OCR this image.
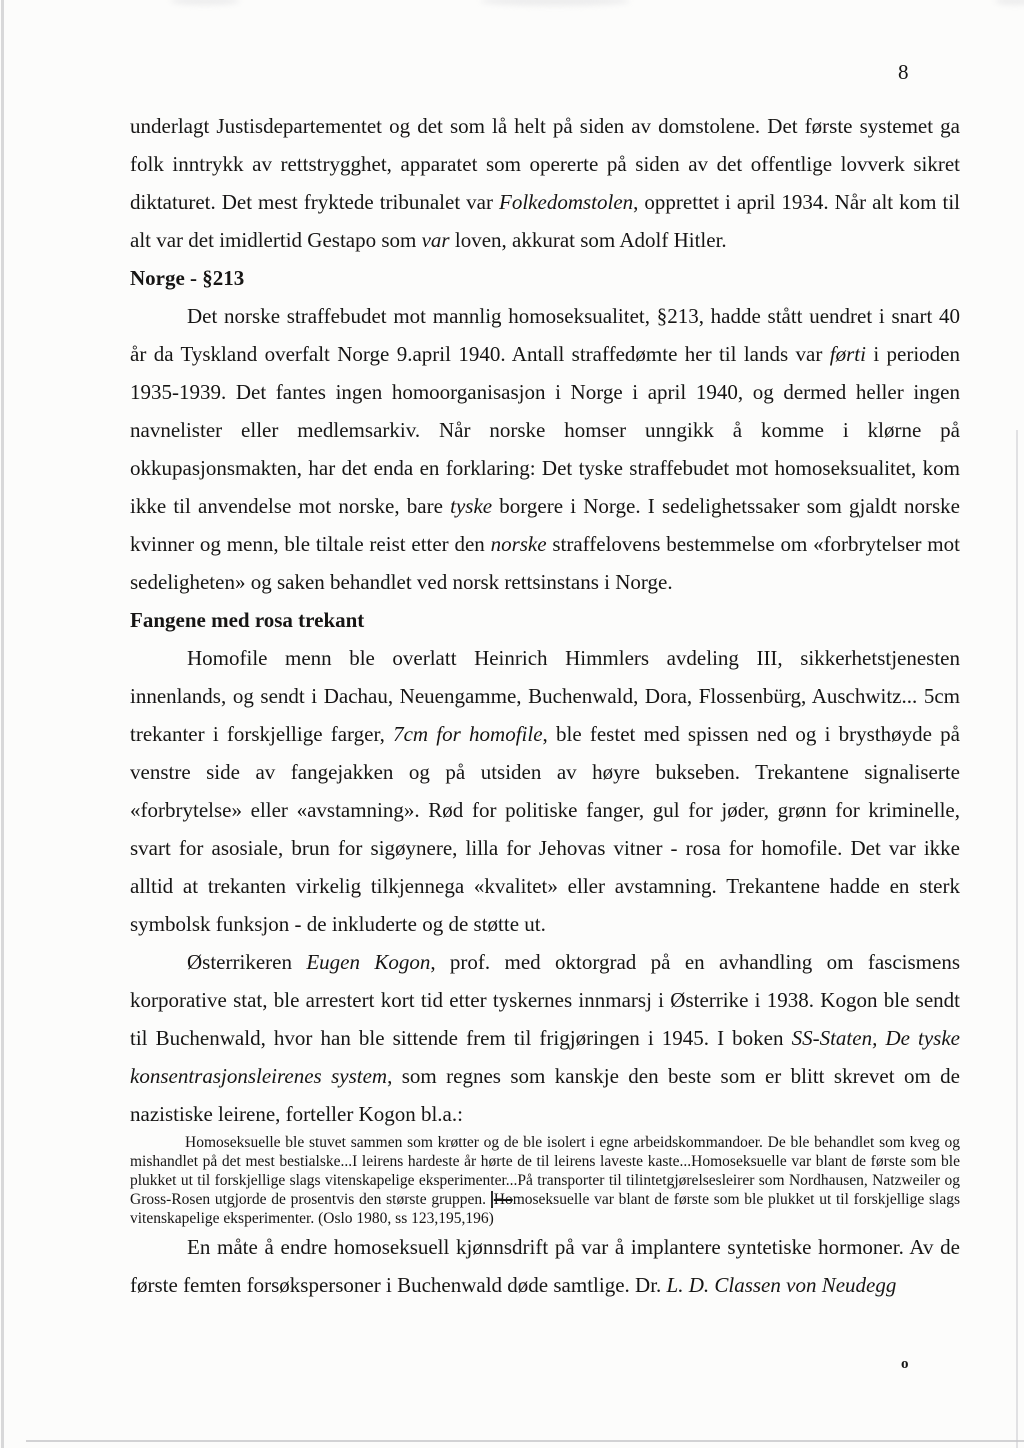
8

underlagt Justisdepartementet og det som lå helt på siden av domstolene. Det første systemet ga folk inntrykk av rettstrygghet, apparatet som opererte på siden av det offentlige lovverk sikret diktaturet. Det mest fryktede tribunalet var Folkedomstolen, opprettet i april 1934. Når alt kom til alt var det imidlertid Gestapo som var loven, akkurat som Adolf Hitler.

Norge - §213

Det norske straffebudet mot mannlig homoseksualitet, §213, hadde stått uendret i snart 40 år da Tyskland overfalt Norge 9.april 1940. Antall straffedømte her til lands var førti i perioden 1935-1939. Det fantes ingen homoorganisasjon i Norge i april 1940, og dermed heller ingen navnelister eller medlemsarkiv. Når norske homser unngikk å komme i klørne på okkupasjonsmakten, har det enda en forklaring: Det tyske straffebudet mot homoseksualitet, kom ikke til anvendelse mot norske, bare tyske borgere i Norge. I sedelighetssaker som gjaldt norske kvinner og menn, ble tiltale reist etter den norske straffelovens bestemmelse om «forbrytelser mot sedeligheten» og saken behandlet ved norsk rettsinstans i Norge.

Fangene med rosa trekant

Homofile menn ble overlatt Heinrich Himmlers avdeling III, sikkerhetstjenesten innenlands, og sendt i Dachau, Neuengamme, Buchenwald, Dora, Flossenbürg, Auschwitz... 5cm trekanter i forskjellige farger, 7cm for homofile, ble festet med spissen ned og i brysthøyde på venstre side av fangejakken og på utsiden av høyre bukseben. Trekantene signaliserte «forbrytelse» eller «avstamning». Rød for politiske fanger, gul for jøder, grønn for kriminelle, svart for asosiale, brun for sigøynere, lilla for Jehovas vitner - rosa for homofile. Det var ikke alltid at trekanten virkelig tilkjennega «kvalitet» eller avstamning. Trekantene hadde en sterk symbolsk funksjon - de inkluderte og de støtte ut.

Østerrikeren Eugen Kogon, prof. med oktorgrad på en avhandling om fascismens korporative stat, ble arrestert kort tid etter tyskernes innmarsj i Østerrike i 1938. Kogon ble sendt til Buchenwald, hvor han ble sittende frem til frigjøringen i 1945. I boken SS-Staten, De tyske konsentrasjonsleirenes system, som regnes som kanskje den beste som er blitt skrevet om de nazistiske leirene, forteller Kogon bl.a.:

Homoseksuelle ble stuvet sammen som krøtter og de ble isolert i egne arbeidskommandoer. De ble behandlet som kveg og mishandlet på det mest bestialske...I leirens hardeste år hørte de til leirens laveste kaste...Homoseksuelle var blant de første som ble plukket ut til forskjellige slags vitenskapelige eksperimenter...På transporter til tilintetgjørelsesleirer som Nordhausen, Natzweiler og Gross-Rosen utgjorde de prosentvis den største gruppen. Homoseksuelle var blant de første som ble plukket ut til forskjellige slags vitenskapelige eksperimenter. (Oslo 1980, ss 123,195,196)

En måte å endre homoseksuell kjønnsdrift på var å implantere syntetiske hormoner. Av de første femten forsøkspersoner i Buchenwald døde samtlige. Dr. L. D. Classen von Neudegg

o
